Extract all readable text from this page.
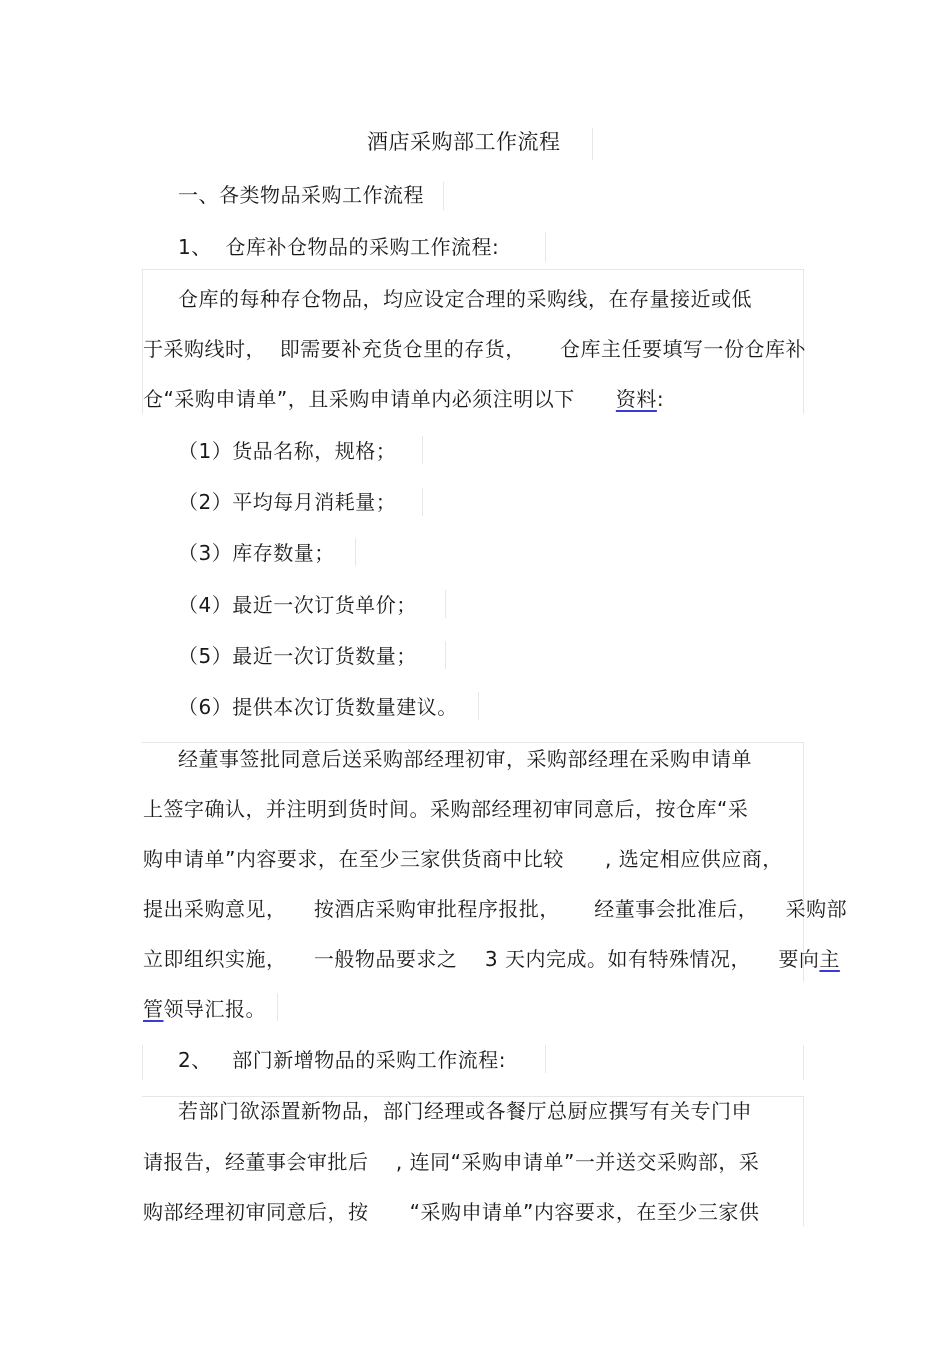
酒店采购部工作流程
一、各类物品采购工作流程
1、  仓库补仓物品的采购工作流程:
仓库的每种存仓物品，均应设定合理的采购线，在存量接近或低
于采购线时，  即需要补充货仓里的存货，     仓库主任要填写一份仓库补
仓“采购申请单”，且采购申请单内必须注明以下      资料:
（1）货品名称，规格；
（2）平均每月消耗量；
（3）库存数量；
（4）最近一次订货单价；
（5）最近一次订货数量；
（6）提供本次订货数量建议。
经董事签批同意后送采购部经理初审，采购部经理在采购申请单
上签字确认，并注明到货时间。采购部经理初审同意后，按仓库“采
购申请单”内容要求，在至少三家供货商中比较      , 选定相应供应商，
提出采购意见，    按酒店采购审批程序报批，     经董事会批准后，    采购部
立即组织实施，    一般物品要求之    3 天内完成。如有特殊情况，    要向主
管领导汇报。
2、   部门新增物品的采购工作流程:
若部门欲添置新物品，部门经理或各餐厅总厨应撰写有关专门申
请报告，经董事会审批后    , 连同“采购申请单”一并送交采购部，采
购部经理初审同意后，按      “采购申请单”内容要求，在至少三家供
